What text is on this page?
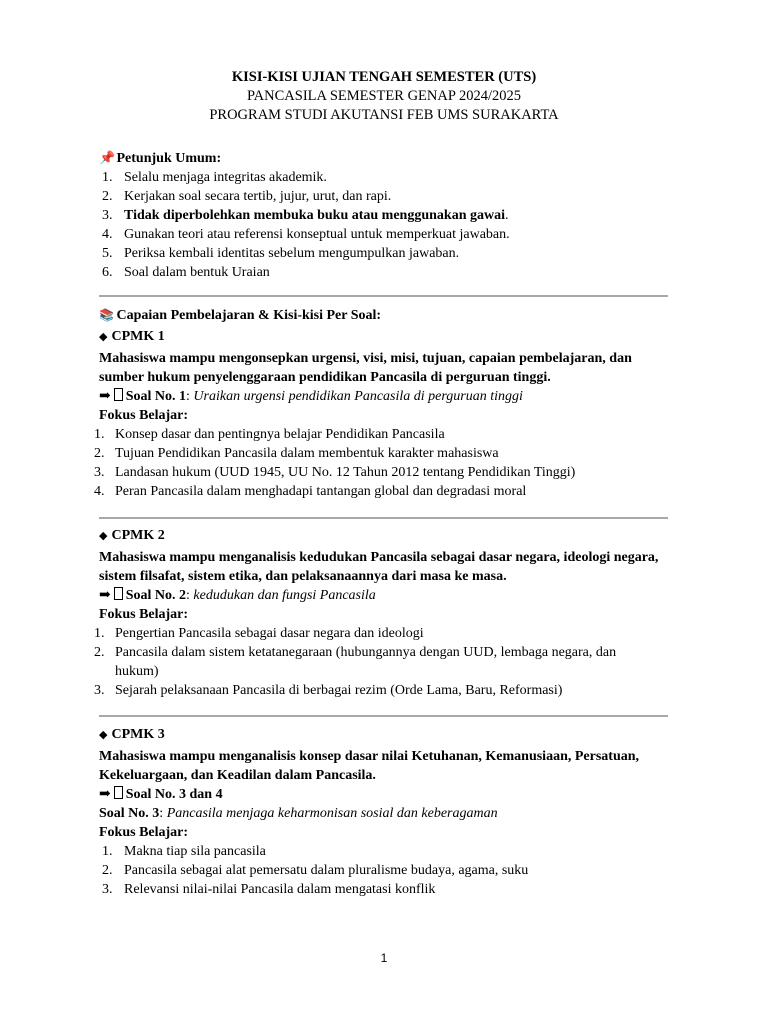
KISI-KISI UJIAN TENGAH SEMESTER (UTS)
PANCASILA SEMESTER GENAP 2024/2025
PROGRAM STUDI AKUTANSI FEB UMS SURAKARTA
📌 Petunjuk Umum:
1. Selalu menjaga integritas akademik.
2. Kerjakan soal secara tertib, jujur, urut, dan rapi.
3. Tidak diperbolehkan membuka buku atau menggunakan gawai.
4. Gunakan teori atau referensi konseptual untuk memperkuat jawaban.
5. Periksa kembali identitas sebelum mengumpulkan jawaban.
6. Soal dalam bentuk Uraian
📚 Capaian Pembelajaran & Kisi-kisi Per Soal:
◆ CPMK 1
Mahasiswa mampu mengonsepkan urgensi, visi, misi, tujuan, capaian pembelajaran, dan
sumber hukum penyelenggaraan pendidikan Pancasila di perguruan tinggi.
➡ Soal No. 1: Uraikan urgensi pendidikan Pancasila di perguruan tinggi
Fokus Belajar:
1. Konsep dasar dan pentingnya belajar Pendidikan Pancasila
2. Tujuan Pendidikan Pancasila dalam membentuk karakter mahasiswa
3. Landasan hukum (UUD 1945, UU No. 12 Tahun 2012 tentang Pendidikan Tinggi)
4. Peran Pancasila dalam menghadapi tantangan global dan degradasi moral
◆ CPMK 2
Mahasiswa mampu menganalisis kedudukan Pancasila sebagai dasar negara, ideologi negara,
sistem filsafat, sistem etika, dan pelaksanaannya dari masa ke masa.
➡ Soal No. 2: kedudukan dan fungsi Pancasila
Fokus Belajar:
1. Pengertian Pancasila sebagai dasar negara dan ideologi
2. Pancasila dalam sistem ketatanegaraan (hubungannya dengan UUD, lembaga negara, dan
hukum)
3. Sejarah pelaksanaan Pancasila di berbagai rezim (Orde Lama, Baru, Reformasi)
◆ CPMK 3
Mahasiswa mampu menganalisis konsep dasar nilai Ketuhanan, Kemanusiaan, Persatuan,
Kekeluargaan, dan Keadilan dalam Pancasila.
➡ Soal No. 3 dan 4
Soal No. 3: Pancasila menjaga keharmonisan sosial dan keberagaman
Fokus Belajar:
1. Makna tiap sila pancasila
2. Pancasila sebagai alat pemersatu dalam pluralisme budaya, agama, suku
3. Relevansi nilai-nilai Pancasila dalam mengatasi konflik
1
